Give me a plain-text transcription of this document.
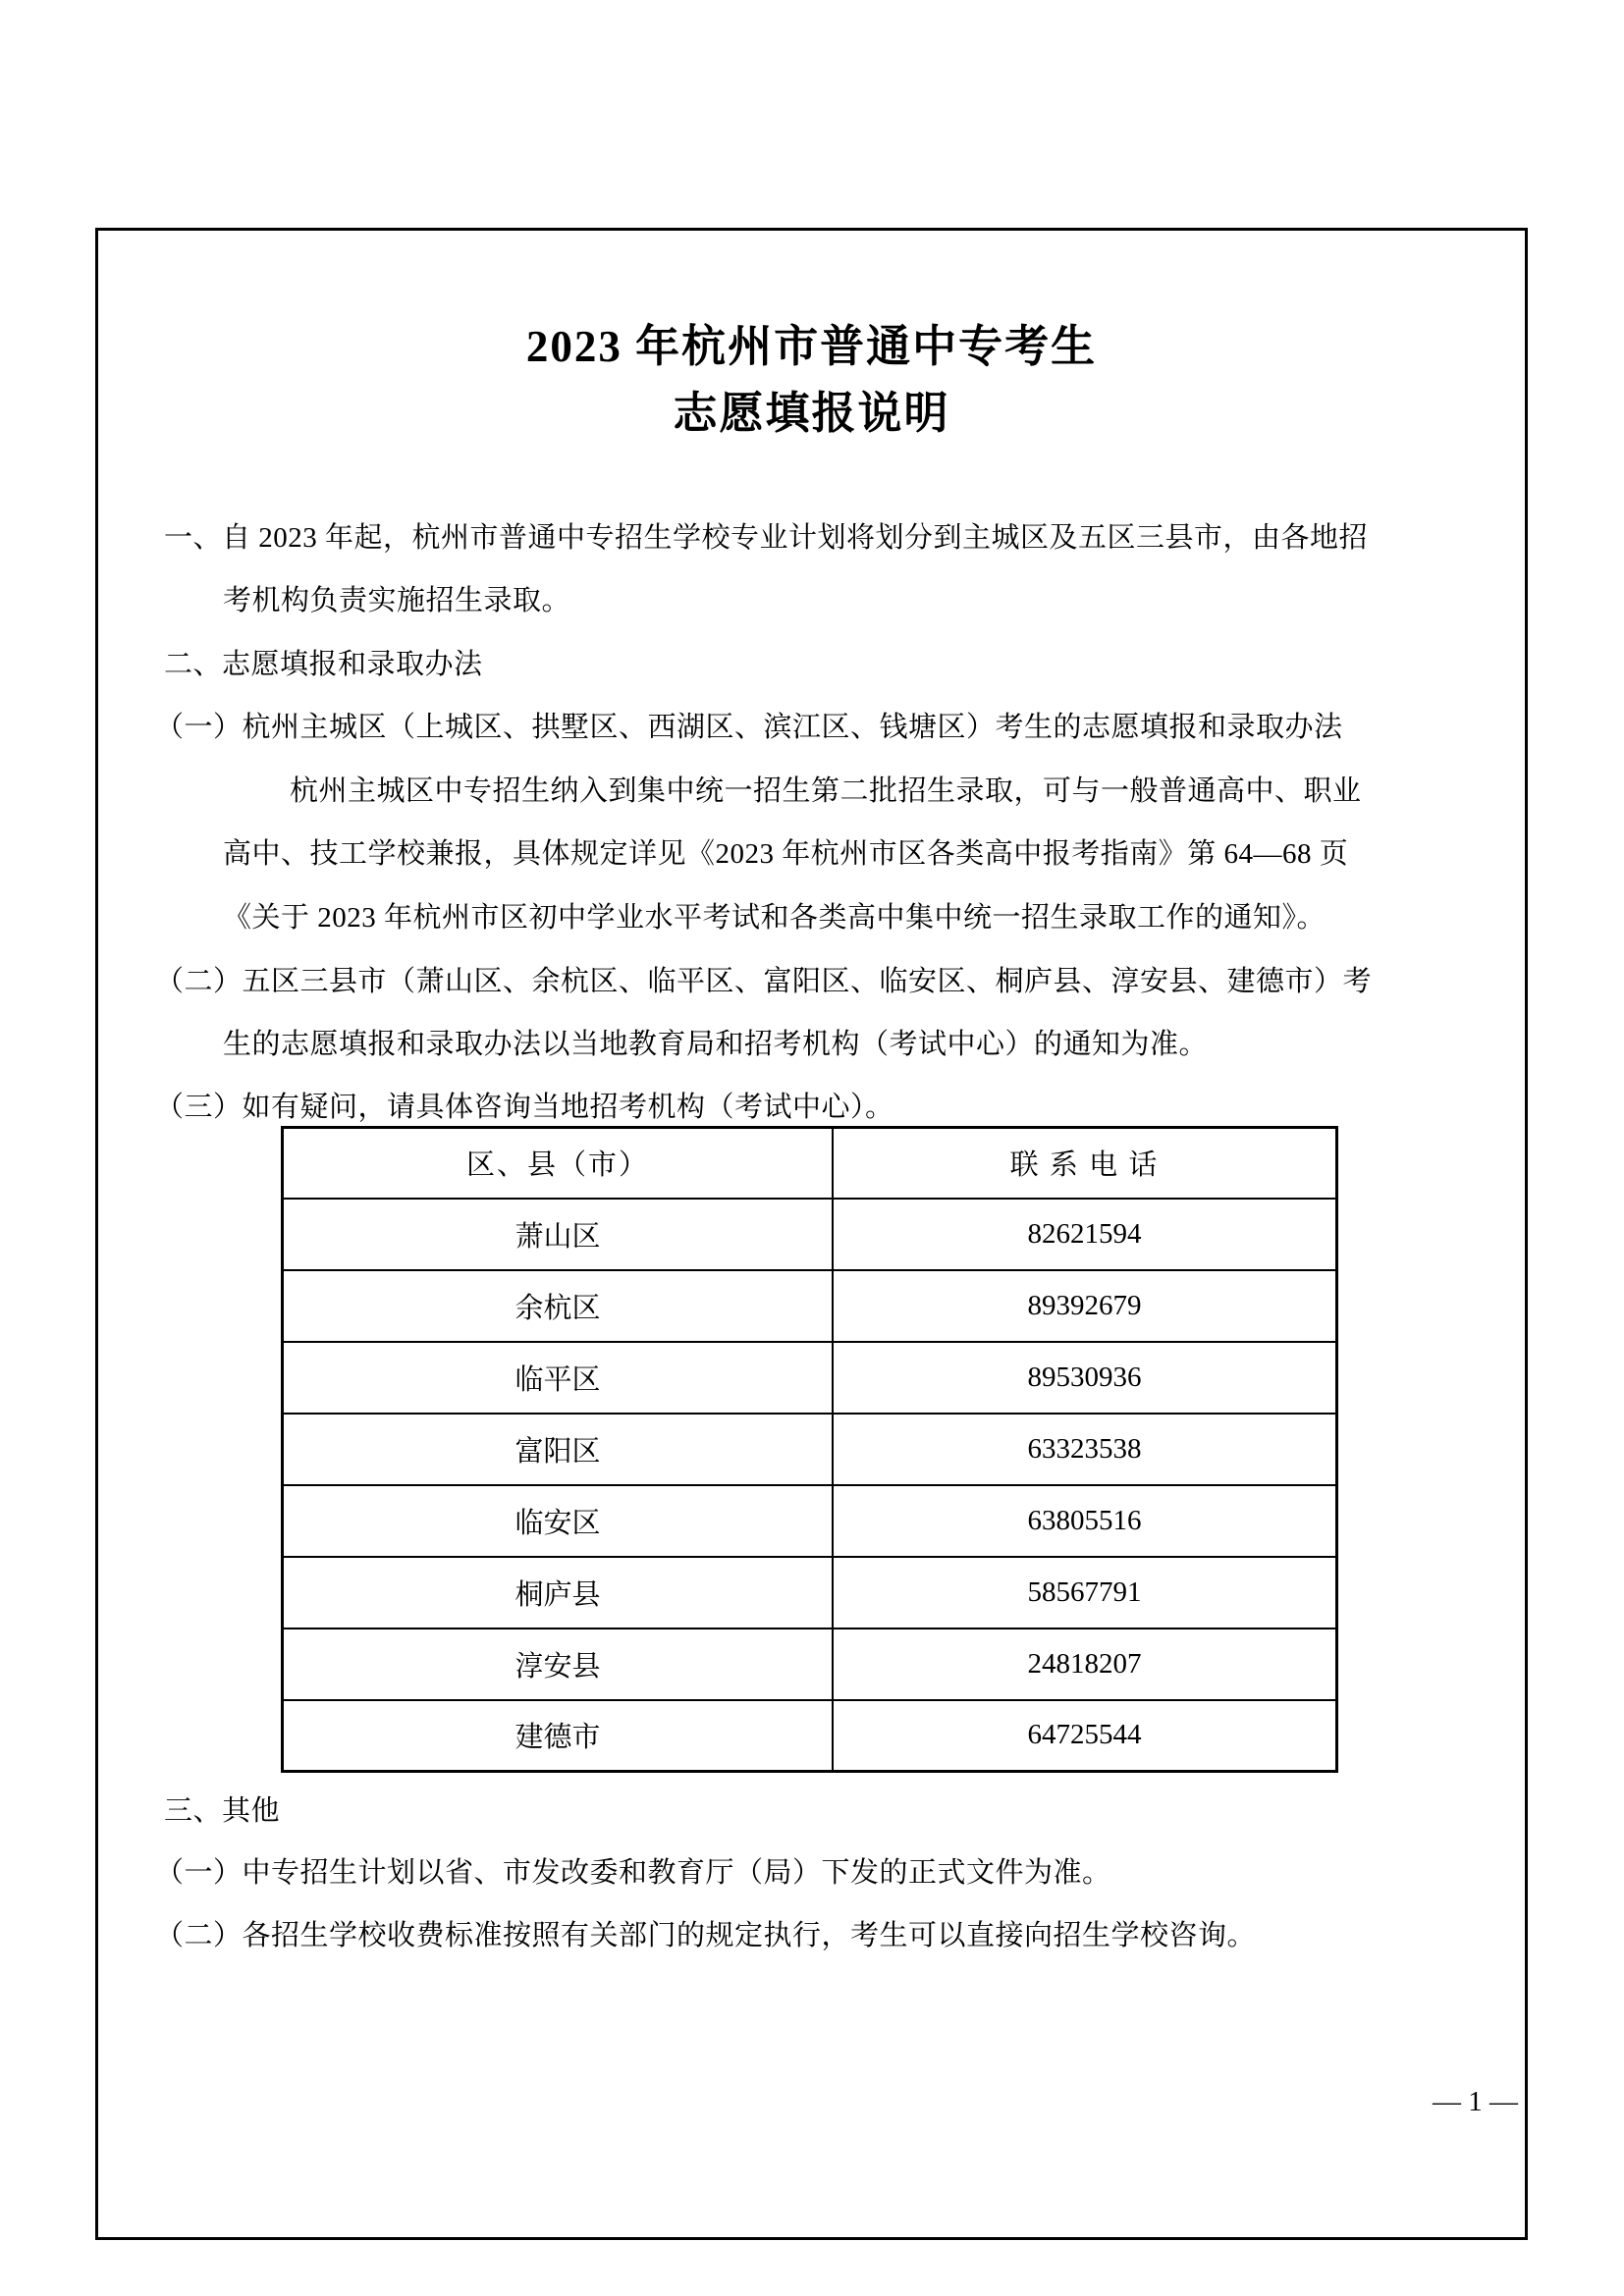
2023 年杭州市普通中专考生
志愿填报说明
一、自 2023 年起，杭州市普通中专招生学校专业计划将划分到主城区及五区三县市，由各地招
考机构负责实施招生录取。
二、志愿填报和录取办法
（一）杭州主城区（上城区、拱墅区、西湖区、滨江区、钱塘区）考生的志愿填报和录取办法
杭州主城区中专招生纳入到集中统一招生第二批招生录取，可与一般普通高中、职业
高中、技工学校兼报，具体规定详见《2023 年杭州市区各类高中报考指南》第 64—68 页
《关于 2023 年杭州市区初中学业水平考试和各类高中集中统一招生录取工作的通知》。
（二）五区三县市（萧山区、余杭区、临平区、富阳区、临安区、桐庐县、淳安县、建德市）考
生的志愿填报和录取办法以当地教育局和招考机构（考试中心）的通知为准。
（三）如有疑问，请具体咨询当地招考机构（考试中心）。
区、县（市）	联 系 电 话
萧山区	82621594
余杭区	89392679
临平区	89530936
富阳区	63323538
临安区	63805516
桐庐县	58567791
淳安县	24818207
建德市	64725544
三、其他
（一）中专招生计划以省、市发改委和教育厅（局）下发的正式文件为准。
（二）各招生学校收费标准按照有关部门的规定执行，考生可以直接向招生学校咨询。
— 1 —
